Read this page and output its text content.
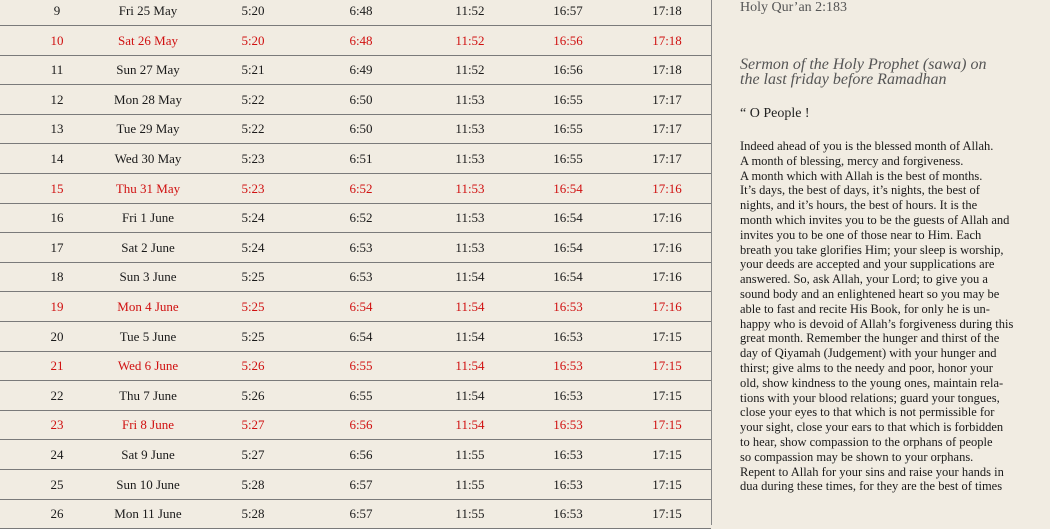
9	Fri 25 May	5:20	6:48	11:52	16:57	17:18
10	Sat 26 May	5:20	6:48	11:52	16:56	17:18
11	Sun 27 May	5:21	6:49	11:52	16:56	17:18
12	Mon 28 May	5:22	6:50	11:53	16:55	17:17
13	Tue 29 May	5:22	6:50	11:53	16:55	17:17
14	Wed 30 May	5:23	6:51	11:53	16:55	17:17
15	Thu 31 May	5:23	6:52	11:53	16:54	17:16
16	Fri 1 June	5:24	6:52	11:53	16:54	17:16
17	Sat 2 June	5:24	6:53	11:53	16:54	17:16
18	Sun 3 June	5:25	6:53	11:54	16:54	17:16
19	Mon 4 June	5:25	6:54	11:54	16:53	17:16
20	Tue 5 June	5:25	6:54	11:54	16:53	17:15
21	Wed 6 June	5:26	6:55	11:54	16:53	17:15
22	Thu 7 June	5:26	6:55	11:54	16:53	17:15
23	Fri 8 June	5:27	6:56	11:54	16:53	17:15
24	Sat 9 June	5:27	6:56	11:55	16:53	17:15
25	Sun 10 June	5:28	6:57	11:55	16:53	17:15
26	Mon 11 June	5:28	6:57	11:55	16:53	17:15
Holy Qur’an 2:183
Sermon of the Holy Prophet (sawa) on
the last friday before Ramadhan
“ O People !
Indeed ahead of you is the blessed month of Allah.
A month of blessing, mercy and forgiveness.
A month which with Allah is the best of months.
It’s days, the best of days, it’s nights, the best of
nights, and it’s hours, the best of hours. It is the
month which invites you to be the guests of Allah and
invites you to be one of those near to Him. Each
breath you take glorifies Him; your sleep is worship,
your deeds are accepted and your supplications are
answered. So, ask Allah, your Lord; to give you a
sound body and an enlightened heart so you may be
able to fast and recite His Book, for only he is un-
happy who is devoid of Allah’s forgiveness during this
great month. Remember the hunger and thirst of the
day of Qiyamah (Judgement) with your hunger and
thirst; give alms to the needy and poor, honor your
old, show kindness to the young ones, maintain rela-
tions with your blood relations; guard your tongues,
close your eyes to that which is not permissible for
your sight, close your ears to that which is forbidden
to hear, show compassion to the orphans of people
so compassion may be shown to your orphans.
Repent to Allah for your sins and raise your hands in
dua during these times, for they are the best of times
